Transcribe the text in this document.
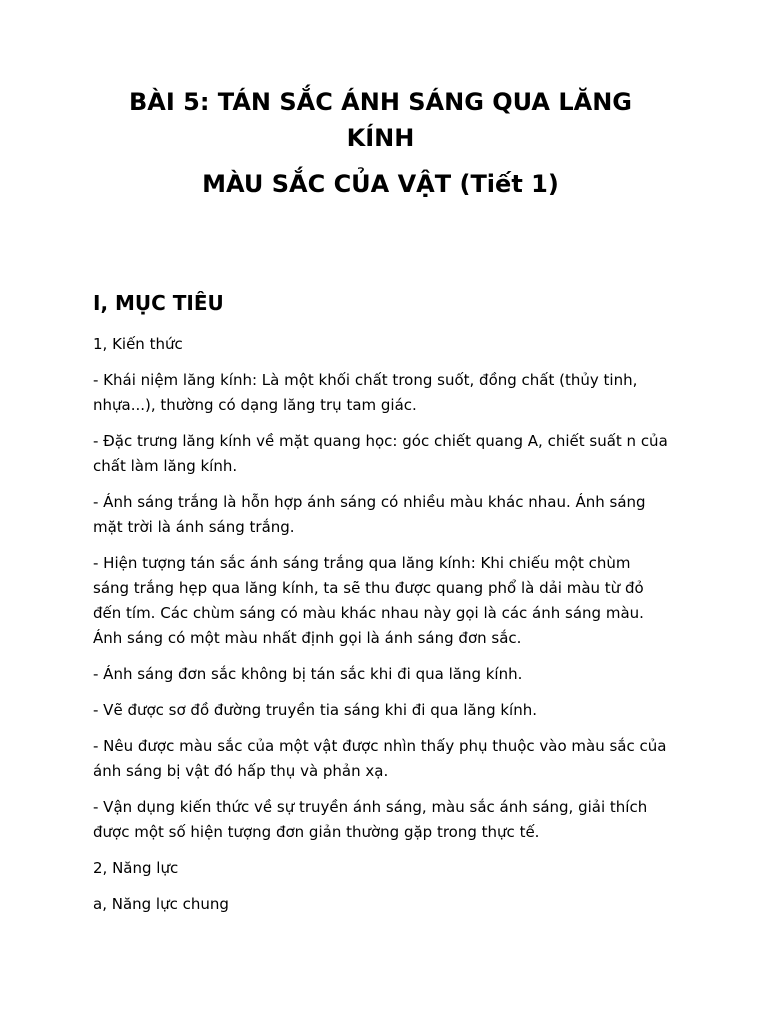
BÀI 5: TÁN SẮC ÁNH SÁNG QUA LĂNG KÍNH
MÀU SẮC CỦA VẬT (Tiết 1)
I, MỤC TIÊU

1, Kiến thức

- Khái niệm lăng kính: Là một khối chất trong suốt, đồng chất (thủy tinh, nhựa...), thường có dạng lăng trụ tam giác.

- Đặc trưng lăng kính về mặt quang học: góc chiết quang A, chiết suất n của chất làm lăng kính.

- Ánh sáng trắng là hỗn hợp ánh sáng có nhiều màu khác nhau. Ánh sáng mặt trời là ánh sáng trắng.

- Hiện tượng tán sắc ánh sáng trắng qua lăng kính: Khi chiếu một chùm sáng trắng hẹp qua lăng kính, ta sẽ thu được quang phổ là dải màu từ đỏ đến tím. Các chùm sáng có màu khác nhau này gọi là các ánh sáng màu. Ánh sáng có một màu nhất định gọi là ánh sáng đơn sắc.

- Ánh sáng đơn sắc không bị tán sắc khi đi qua lăng kính.

- Vẽ được sơ đồ đường truyền tia sáng khi đi qua lăng kính.

- Nêu được màu sắc của một vật được nhìn thấy phụ thuộc vào màu sắc của ánh sáng bị vật đó hấp thụ và phản xạ.

- Vận dụng kiến thức về sự truyền ánh sáng, màu sắc ánh sáng, giải thích được một số hiện tượng đơn giản thường gặp trong thực tế.

2, Năng lực

a, Năng lực chung
